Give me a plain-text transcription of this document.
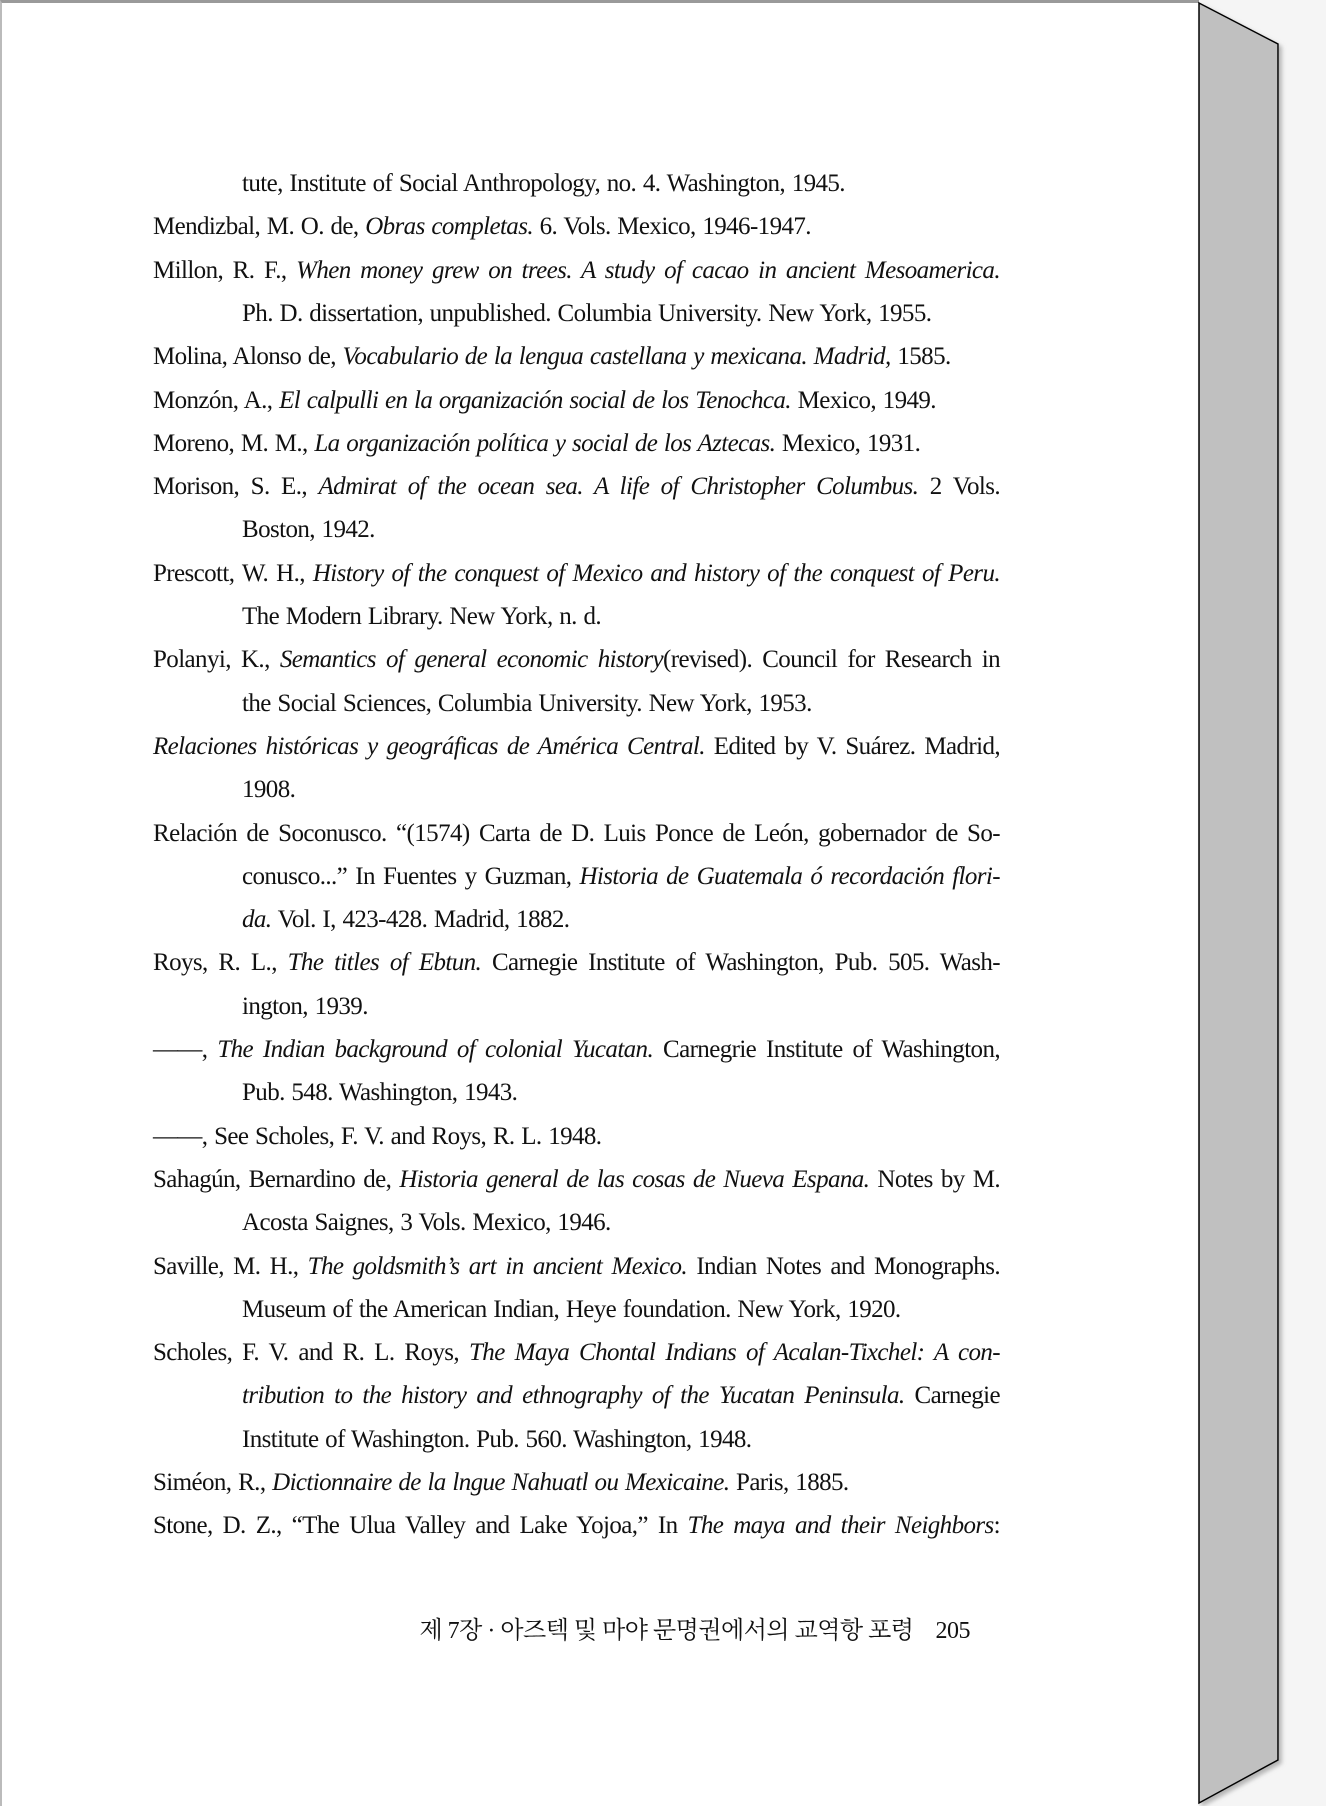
tute, Institute of Social Anthropology, no. 4. Washington, 1945.
Mendizbal, M. O. de, Obras completas. 6. Vols. Mexico, 1946-1947.
Millon, R. F., When money grew on trees. A study of cacao in ancient Mesoamerica.
Ph. D. dissertation, unpublished. Columbia University. New York, 1955.
Molina, Alonso de, Vocabulario de la lengua castellana y mexicana. Madrid, 1585.
Monzón, A., El calpulli en la organización social de los Tenochca. Mexico, 1949.
Moreno, M. M., La organización política y social de los Aztecas. Mexico, 1931.
Morison, S. E., Admirat of the ocean sea. A life of Christopher Columbus. 2 Vols.
Boston, 1942.
Prescott, W. H., History of the conquest of Mexico and history of the conquest of Peru.
The Modern Library. New York, n. d.
Polanyi, K., Semantics of general economic history(revised). Council for Research in
the Social Sciences, Columbia University. New York, 1953.
Relaciones históricas y geográficas de América Central. Edited by V. Suárez. Madrid,
1908.
Relación de Soconusco. “(1574) Carta de D. Luis Ponce de León, gobernador de So-
conusco...” In Fuentes y Guzman, Historia de Guatemala ó recordación flori-
da. Vol. I, 423-428. Madrid, 1882.
Roys, R. L., The titles of Ebtun. Carnegie Institute of Washington, Pub. 505. Wash-
ington, 1939.
——, The Indian background of colonial Yucatan. Carnegrie Institute of Washington,
Pub. 548. Washington, 1943.
——, See Scholes, F. V. and Roys, R. L. 1948.
Sahagún, Bernardino de, Historia general de las cosas de Nueva Espana. Notes by M.
Acosta Saignes, 3 Vols. Mexico, 1946.
Saville, M. H., The goldsmith’s art in ancient Mexico. Indian Notes and Monographs.
Museum of the American Indian, Heye foundation. New York, 1920.
Scholes, F. V. and R. L. Roys, The Maya Chontal Indians of Acalan-Tixchel: A con-
tribution to the history and ethnography of the Yucatan Peninsula. Carnegie
Institute of Washington. Pub. 560. Washington, 1948.
Siméon, R., Dictionnaire de la lngue Nahuatl ou Mexicaine. Paris, 1885.
Stone, D. Z., “The Ulua Valley and Lake Yojoa,” In The maya and their Neighbors:
제 7장 · 아즈텍 및 마야 문명권에서의 교역항 포령 205
